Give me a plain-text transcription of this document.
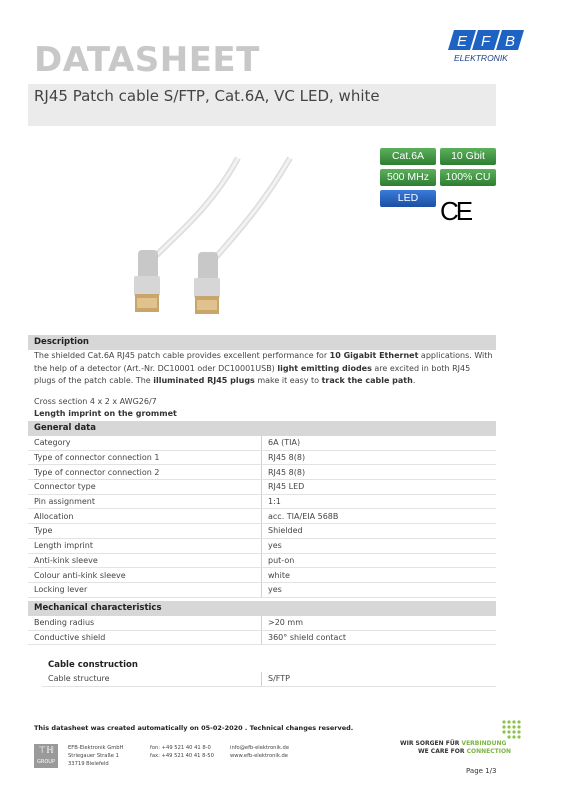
DATASHEET	E F B
ELEKTRONIK
RJ45 Patch cable S/FTP, Cat.6A, VC LED, white
Cat.6A	10 Gbit
500 MHz	100% CU
LED CE
Description
The shielded Cat.6A RJ45 patch cable provides excellent performance for 10 Gigabit Ethernet applications. With the help of a detector (Art.-Nr. DC10001 oder DC10001USB) light emitting diodes are excited in both RJ45 plugs of the patch cable. The illuminated RJ45 plugs make it easy to track the cable path.
Cross section 4 x 2 x AWG26/7
Length imprint on the grommet
General data
Category	6A (TIA)
Type of connector connection 1	RJ45 8(8)
Type of connector connection 2	RJ45 8(8)
Connector type	RJ45 LED
Pin assignment	1:1
Allocation	acc. TIA/EIA 568B
Type	Shielded
Length imprint	yes
Anti-kink sleeve	put-on
Colour anti-kink sleeve	white
Locking lever	yes
Mechanical characteristics
Bending radius	>20 mm
Conductive shield	360° shield contact
Cable construction
Cable structure	S/FTP
This datasheet was created automatically on 05-02-2020 . Technical changes reserved.
⊤ℍ
GROUP
EFB-Elektronik GmbH
Striegauer Straße 1
33719 Bielefeld
fon: +49 521 40 41 8-0
fax: +49 521 40 41 8-50
info@efb-elektronik.de
www.efb-elektronik.de
WIR SORGEN FÜR VERBINDUNG
WE CARE FOR CONNECTION
Page 1/3
